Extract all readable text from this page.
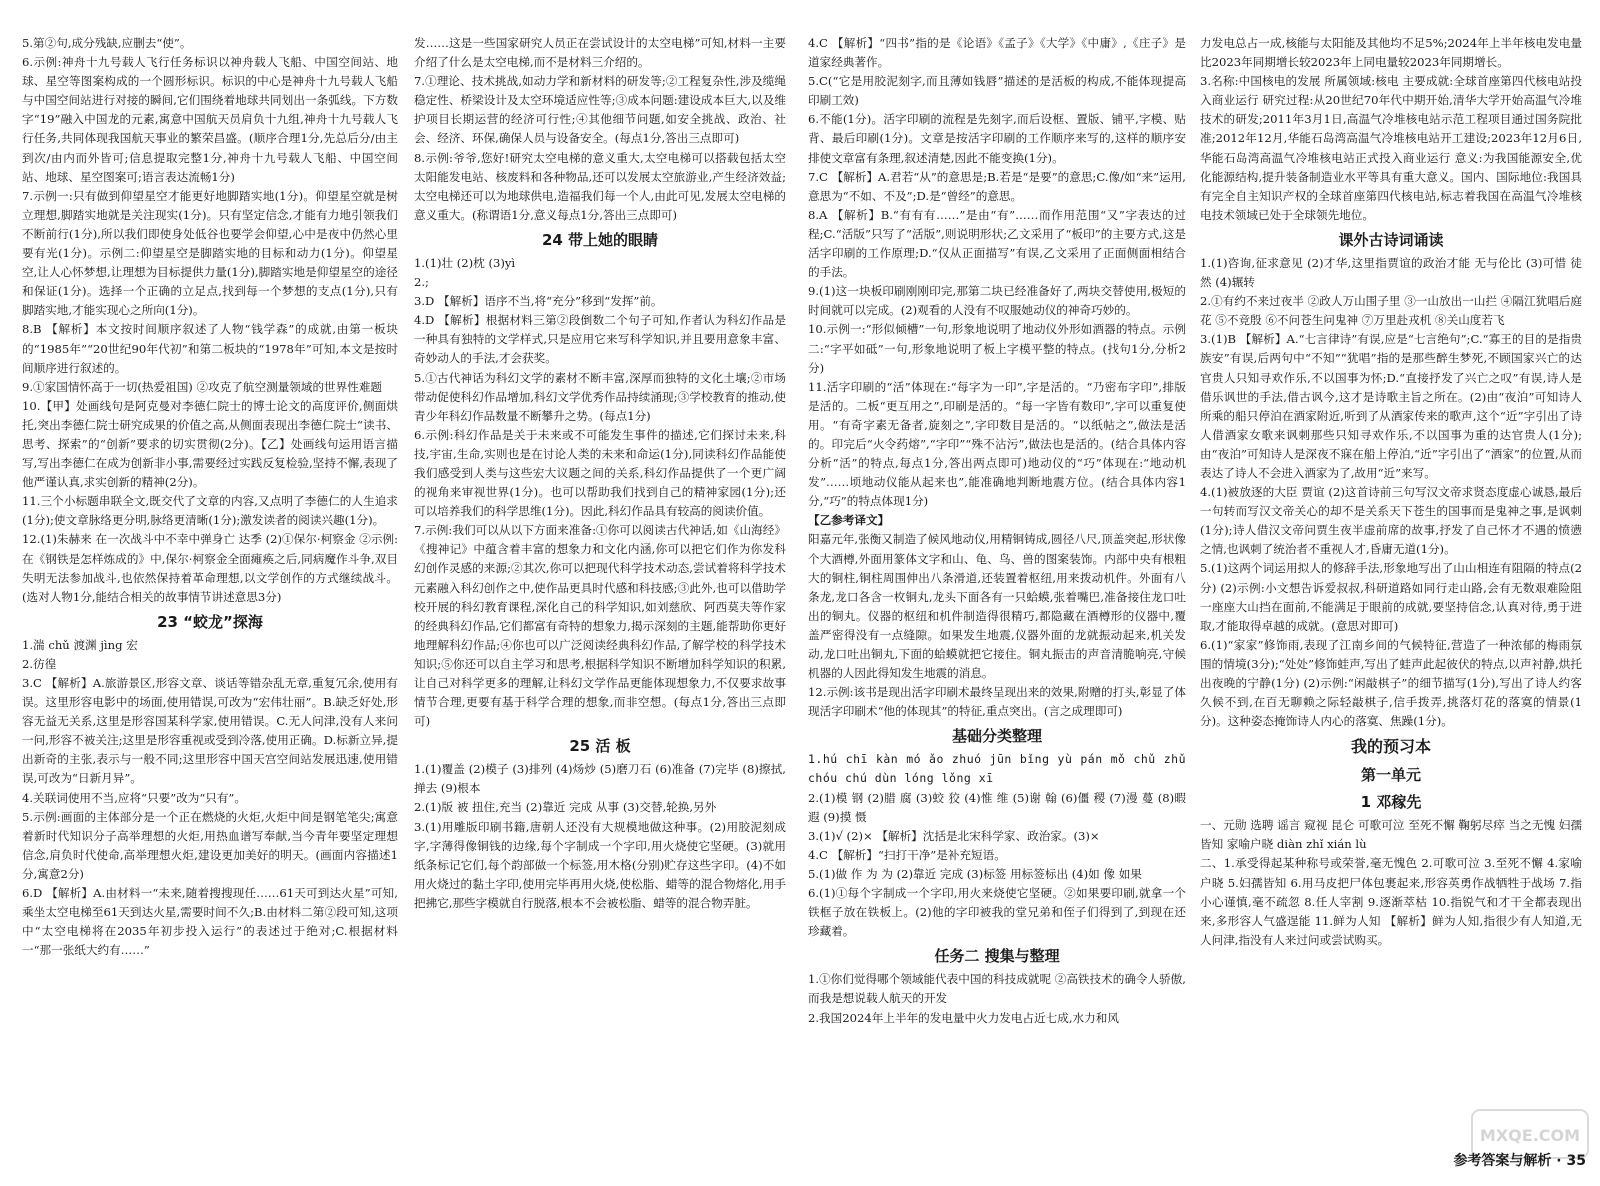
5.第②句,成分残缺,应删去“使”。

6.示例:神舟十九号载人飞行任务标识以神舟载人飞船、中国空间站、地球、星空等图案构成的一个圆形标识。标识的中心是神舟十九号载人飞船与中国空间站进行对接的瞬间,它们围绕着地球共同划出一条弧线。下方数字“19”融入中国龙的元素,寓意中国航天员肩负十九组,神舟十九号载人飞行任务,共同体现我国航天事业的繁荣昌盛。(顺序合理1分,先总后分/由主到次/由内而外皆可;信息提取完整1分,神舟十九号载人飞船、中国空间站、地球、星空图案可;语言表达流畅1分)

7.示例一:只有做到仰望星空才能更好地脚踏实地(1分)。仰望星空就是树立理想,脚踏实地就是关注现实(1分)。只有坚定信念,才能有力地引领我们不断前行(1分),所以我们即使身处低谷也要学会仰望,心中是夜中仍然心里要有光(1分)。示例二:仰望星空是脚踏实地的目标和动力(1分)。仰望星空,让人心怀梦想,让理想为目标提供力量(1分),脚踏实地是仰望星空的途径和保证(1分)。选择一个正确的立足点,找到每一个梦想的支点(1分),只有脚踏实地,才能实现心之所向(1分)。

8.B 【解析】本文按时间顺序叙述了人物“钱学森”的成就,由第一板块的“1985年”“20世纪90年代初”和第二板块的“1978年”可知,本文是按时间顺序进行叙述的。

9.①家国情怀高于一切(热爱祖国) ②攻克了航空测量领域的世界性难题

10.【甲】处画线句是阿克曼对李德仁院士的博士论文的高度评价,侧面烘托,突出李德仁院士研究成果的价值之高,从侧面表现出李德仁院士“读书、思考、探索”的“创新”要求的切实贯彻(2分)。【乙】处画线句运用语言描写,写出李德仁在成为创新非小事,需要经过实践反复检验,坚持不懈,表现了他严谨认真,求实创新的精神(2分)。

11.三个小标题串联全文,既交代了文章的内容,又点明了李德仁的人生追求(1分);使文章脉络更分明,脉络更清晰(1分);激发读者的阅读兴趣(1分)。

12.(1)朱赫来 在一次战斗中不幸中弹身亡 达季 (2)①保尔·柯察金 ②示例:在《钢铁是怎样炼成的》中,保尔·柯察金全面瘫痪之后,同病魔作斗争,双目失明无法参加战斗,也依然保持着革命理想,以文学创作的方式继续战斗。(选对人物1分,能结合相关的故事情节讲述意思3分)

23 “蛟龙”探海

1.湍 chǔ 渡渊 jìng 宏

2.彷徨

3.C 【解析】A.旅游景区,形容文章、谈话等错杂乱无章,重复冗余,使用有误。这里形容电影中的场面,使用错误,可改为“宏伟壮丽”。B.缺乏好处,形容无益无关系,这里是形容国某科学家,使用错误。C.无人问津,没有人来问一问,形容不被关注;这里是形容重视或受到冷落,使用正确。D.标新立异,提出新奇的主张,表示与一般不同;这里形容中国天宫空间站发展迅速,使用错误,可改为“日新月异”。

4.关联词使用不当,应将“只要”改为“只有”。

5.示例:画面的主体部分是一个正在燃烧的火炬,火炬中间是钢笔笔尖;寓意着新时代知识分子高举理想的火炬,用热血谱写奉献,当今青年要坚定理想信念,肩负时代使命,高举理想火炬,建设更加美好的明天。(画面内容描述1分,寓意2分)

6.D 【解析】A.由材料一“未来,随着搜搜现任……61天可到达火星”可知,乘坐太空电梯至61天到达火星,需要时间不久;B.由材料二第②段可知,这项中“太空电梯将在2035年初步投入运行”的表述过于绝对;C.根据材料一“那一张纸大约有……”

发……这是一些国家研究人员正在尝试设计的太空电梯”可知,材料一主要介绍了什么是太空电梯,而不是材料三介绍的。

7.①理论、技术挑战,如动力学和新材料的研发等;②工程复杂性,涉及缆绳稳定性、桥梁设计及太空环境适应性等;③成本问题:建设成本巨大,以及维护项目长期运营的经济可行性;④其他细节问题,如安全挑战、政治、社会、经济、环保,确保人员与设备安全。(每点1分,答出三点即可)

8.示例:爷爷,您好!研究太空电梯的意义重大,太空电梯可以搭载包括太空太阳能发电站、核废料和各种物品,还可以发展太空旅游业,产生经济效益;太空电梯还可以为地球供电,造福我们每一个人,由此可见,发展太空电梯的意义重大。(称谓语1分,意义每点1分,答出三点即可)

24 带上她的眼睛

1.(1)壮 (2)枕 (3)yì

2.;

3.D 【解析】语序不当,将“充分”移到“发挥”前。

4.D 【解析】根据材料三第②段倒数二个句子可知,作者认为科幻作品是一种具有独特的文学样式,只是应用它来写科学知识,并且要用意象丰富、奇妙动人的手法,才会获奖。

5.①古代神话为科幻文学的素材不断丰富,深厚而独特的文化土壤;②市场带动促使科幻作品增加,科幻文学优秀作品持续涌现;③学校教育的推动,使青少年科幻作品数量不断攀升之势。(每点1分)

6.示例:科幻作品是关于未来或不可能发生事件的描述,它们探讨未来,科技,宇宙,生命,实则也是在讨论人类的未来和命运(1分),同读科幻作品能使我们感受到人类与这些宏大议题之间的关系,科幻作品提供了一个更广阔的视角来审视世界(1分)。也可以帮助我们找到自己的精神家园(1分);还可以培养我们的科学思维(1分)。因此,科幻作品具有较高的阅读价值。

7.示例:我们可以从以下方面来准备:①你可以阅读古代神话,如《山海经》《搜神记》中蕴含着丰富的想象力和文化内涵,你可以把它们作为你发科幻创作灵感的来源;②其次,你可以把现代科学技术动态,尝试着将科学技术元素融入科幻创作之中,使作品更具时代感和科技感;③此外,也可以借助学校开展的科幻教育课程,深化自己的科学知识,如刘慈欣、阿西莫夫等作家的经典科幻作品,它们都富有奇特的想象力,揭示深刻的主题,能帮助你更好地理解科幻作品;④你也可以广泛阅读经典科幻作品,了解学校的科学技术知识;⑤你还可以自主学习和思考,根据科学知识不断增加科学知识的积累,让自己对科学更多的理解,让科幻文学作品更能体现想象力,不仅要求故事情节合理,更要有基于科学合理的想象,而非空想。(每点1分,答出三点即可)

25 活 板

1.(1)覆盖 (2)模子 (3)排列 (4)炀炒 (5)磨刀石 (6)准备 (7)完毕 (8)擦拭,掸去 (9)根本

2.(1)版 被 扭住,充当 (2)靠近 完成 从事 (3)交替,轮换,另外

3.(1)用雕版印刷书籍,唐朝人还没有大规模地做这种事。(2)用胶泥刻成字,字薄得像铜钱的边缘,每个字制成一个字印,用火烧使它坚硬。(3)就用纸条标记它们,每个韵部做一个标签,用木格(分别)贮存这些字印。(4)不如用火烧过的黏土字印,使用完毕再用火烧,使松脂、蜡等的混合物熔化,用手把拂它,那些字模就自行脱落,根本不会被松脂、蜡等的混合物弄脏。

4.C 【解析】“四书”指的是《论语》《孟子》《大学》《中庸》,《庄子》是道家经典著作。

5.C(“它是用胶泥刻字,而且薄如钱唇”描述的是活板的构成,不能体现提高印刷工效)

6.不能(1分)。活字印刷的流程是先刻字,而后设框、置版、铺平,字模、贴背、最后印刷(1分)。文章是按活字印刷的工作顺序来写的,这样的顺序安排使文章富有条理,叙述清楚,因此不能变换(1分)。

7.C 【解析】A.君若“从”的意思是;B.若是“是要”的意思;C.像/如“来”运用,意思为“不如、不及”;D.是“曾经”的意思。

8.A 【解析】B.“有有有……”是由“有”……而作用范围“又”字表达的过程;C.“活版”只写了“活版”,则说明形状;乙文采用了“板印”的主要方式,这是活字印刷的工作原理;D.“仅从正面描写”有误,乙文采用了正面侧面相结合的手法。

9.(1)这一块板印刷刚刚印完,那第二块已经准备好了,两块交替使用,极短的时间就可以完成。(2)观看的人没有不叹服她动仪的神奇巧妙的。

10.示例一:“形似倾槽”一句,形象地说明了地动仪外形如酒器的特点。示例二:“字平如砥”一句,形象地说明了板上字模平整的特点。(找句1分,分析2分)

11.活字印刷的“活”体现在:“每字为一印”,字是活的。“乃密布字印”,排版是活的。二板“更互用之”,印刷是活的。“每一字皆有数印”,字可以重复使用。“有奇字素无备者,旋刻之”,字印数目是活的。“以纸帖之”,做法是活的。印完后“火令药熔”,“字印”“殊不沾污”,做法也是活的。(结合具体内容分析“活”的特点,每点1分,答出两点即可)地动仪的“巧”体现在:“地动机发”……顷地动仪能从起来也”,能准确地判断地震方位。(结合具体内容1分,“巧”的特点体现1分)

【乙参考译文】

阳嘉元年,张衡又制造了候风地动仪,用精铜铸成,圆径八尺,顶盖突起,形状像个大酒樽,外面用篆体文字和山、龟、鸟、兽的图案装饰。内部中央有根粗大的铜柱,铜柱周围伸出八条滑道,还装置着枢纽,用来拨动机件。外面有八条龙,龙口各含一枚铜丸,龙头下面各有一只蛤蟆,张着嘴巴,准备接住龙口吐出的铜丸。仪器的枢纽和机件制造得很精巧,都隐藏在酒樽形的仪器中,覆盖严密得没有一点缝隙。如果发生地震,仪器外面的龙就振动起来,机关发动,龙口吐出铜丸,下面的蛤蟆就把它接住。铜丸振击的声音清脆响亮,守候机器的人因此得知发生地震的消息。

12.示例:该书是现出活字印刷术最终呈现出来的效果,附赠的打头,彰显了体现活字印刷术“他的体现其”的特征,重点突出。(言之成理即可)

基础分类整理

1.hú chī kàn mó ǎo zhuó jūn bǐng yù pán mǒ chǔ zhǔ chóu chú dùn lóng lǒng xī

2.(1)模 钢 (2)腊 腐 (3)蛟 狡 (4)惟 维 (5)谢 翰 (6)僵 稷 (7)漫 蔓 (8)暇 遐 (9)摸 慑

3.(1)√ (2)× 【解析】沈括是北宋科学家、政治家。(3)×

4.C 【解析】“扫打干净”是补充短语。

5.(1)做 作 为 为 (2)靠近 完成 (3)标签 用标签标出 (4)如 像 如果

6.(1)①每个字制成一个字印,用火来烧使它坚硬。②如果要印刷,就拿一个铁框子放在铁板上。(2)他的字印被我的堂兄弟和侄子们得到了,到现在还珍藏着。

任务二 搜集与整理

1.①你们觉得哪个领域能代表中国的科技成就呢 ②高铁技术的确令人骄傲,而我是想说载人航天的开发

2.我国2024年上半年的发电量中火力发电占近七成,水力和风

力发电总占一成,核能与太阳能及其他均不足5%;2024年上半年核电发电量比2023年同期增长较2023年上同电量较2023年同期增长。

3.名称:中国核电的发展 所属领域:核电 主要成就:全球首座第四代核电站投入商业运行 研究过程:从20世纪70年代中期开始,清华大学开始高温气冷堆技术的研发;2011年3月1日,高温气冷堆核电站示范工程项目通过国务院批准;2012年12月,华能石岛湾高温气冷堆核电站开工建设;2023年12月6日,华能石岛湾高温气冷堆核电站正式投入商业运行 意义:为我国能源安全,优化能源结构,提升装备制造业水平等具有重大意义。国内、国际地位:我国具有完全自主知识产权的全球首座第四代核电站,标志着我国在高温气冷堆核电技术领域已处于全球领先地位。

课外古诗词诵读

1.(1)咨询,征求意见 (2)才华,这里指贾谊的政治才能 无与伦比 (3)可惜 徒然 (4)辗转

2.①有约不来过夜半 ②政人万山围子里 ③一山放出一山拦 ④隔江犹唱后庭花 ⑤不竞殷 ⑥不问苍生问鬼神 ⑦万里赴戎机 ⑧关山度若飞

3.(1)B 【解析】A.“七言律诗”有误,应是“七言绝句”;C.“寡王的目的是指贵族安”有误,后两句中“不知”“犹唱”指的是那些醉生梦死,不顾国家兴亡的达官贵人只知寻欢作乐,不以国事为怀;D.“直接抒发了兴亡之叹”有误,诗人是借乐讽世的手法,借古讽今,这才是诗歌主旨之所在。(2)由“夜泊”可知诗人所乘的船只停泊在酒家附近,听到了从酒家传来的歌声,这个“近”字引出了诗人借酒家女歌来讽刺那些只知寻欢作乐,不以国事为重的达官贵人(1分);由“夜泊”可知诗人是深夜不寐在船上停泊,“近”字引出了“酒家”的位置,从而表达了诗人不会进入酒家为了,故用“近”来写。

4.(1)被放逐的大臣 贾谊 (2)这首诗前三句写汉文帝求贤态度虚心诚恳,最后一句转而写汉文帝关心的却不是关系天下苍生的国事而是鬼神之事,是讽刺(1分);诗人借汉文帝问贾生夜半虚前席的故事,抒发了自己怀才不遇的愤懑之情,也讽刺了统治者不重视人才,昏庸无道(1分)。

5.(1)这两个词运用拟人的修辞手法,形象地写出了山山相连有阻隔的特点(2分) (2)示例:小文想告诉爱叔叔,科研道路如同行走山路,会有无数艰难险阻一座座大山挡在面前,不能满足于眼前的成就,要坚持信念,认真对待,勇于进取,才能取得卓越的成就。(意思对即可)

6.(1)“家家”修饰雨,表现了江南乡间的气候特征,营造了一种浓郁的梅雨氛围的情境(3分);“处处”修饰蛙声,写出了蛙声此起彼伏的特点,以声衬静,烘托出夜晚的宁静(1分) (2)示例:“闲敲棋子”的细节描写(1分),写出了诗人约客久候不到,在百无聊赖之际轻敲棋子,信手拨弄,挑落灯花的落寞的情景(1分)。这种姿态掩饰诗人内心的落寞、焦躁(1分)。

我的预习本
第一单元
1 邓稼先

一、元勋 选聘 谣言 窥视 昆仑 可歌可泣 至死不懈 鞠躬尽瘁 当之无愧 妇孺皆知 家喻户晓 diàn zhǐ xián lù

二、1.承受得起某种称号或荣誉,毫无愧色 2.可歌可泣 3.至死不懈 4.家喻户晓 5.妇孺皆知 6.用马皮把尸体包裹起来,形容英勇作战牺牲于战场 7.指小心谨慎,毫不疏忽 8.任人宰割 9.逐渐萃枯 10.指锐气和才干全都表现出来,多形容人气盛逞能 11.鲜为人知 【解析】鲜为人知,指很少有人知道,无人问津,指没有人来过问或尝试购买。

MXQE.COM
参考答案与解析 · 35
